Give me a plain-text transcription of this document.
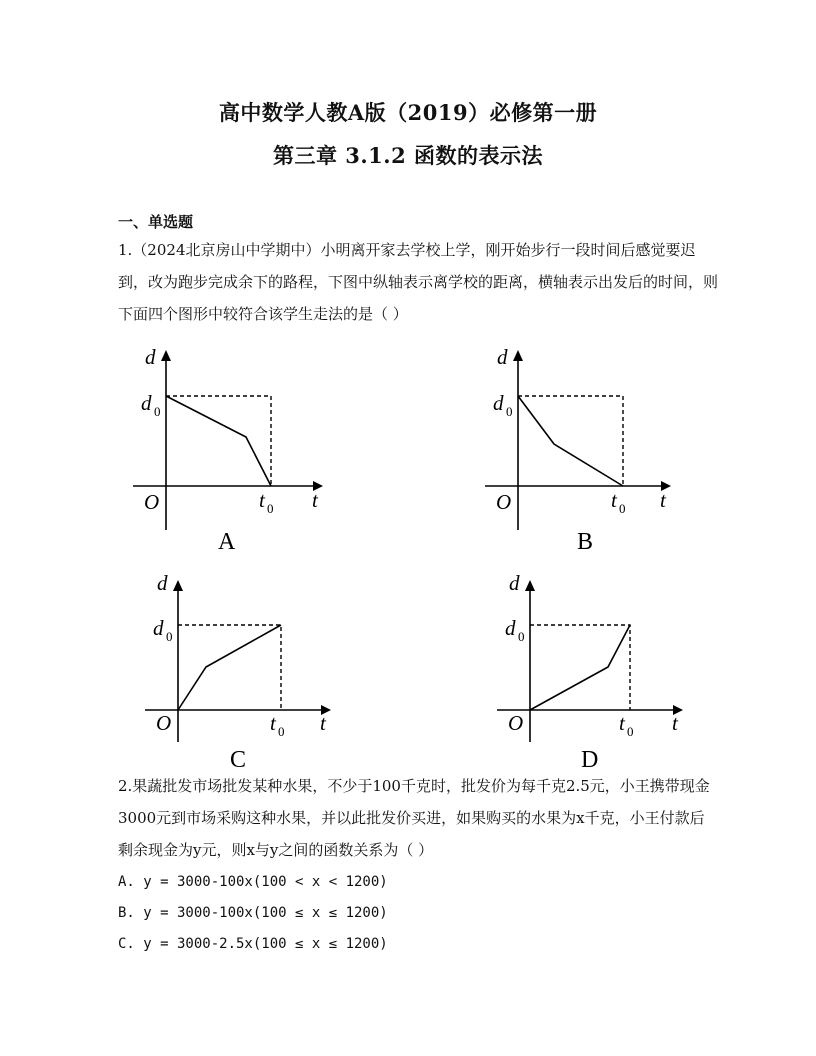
高中数学人教A版（2019）必修第一册
第三章 3.1.2 函数的表示法
一、单选题
1.（2024北京房山中学期中）小明离开家去学校上学，刚开始步行一段时间后感觉要迟到，改为跑步完成余下的路程，下图中纵轴表示离学校的距离，横轴表示出发后的时间，则下面四个图形中较符合该学生走法的是（ ）
d
d 0
O	t 0 t
A
d
d 0
O	t 0 t
B
d
d 0
O	t 0 t
C
d
d 0
O	t 0 t
D
2.果蔬批发市场批发某种水果，不少于100千克时，批发价为每千克2.5元，小王携带现金3000元到市场采购这种水果，并以此批发价买进，如果购买的水果为x千克，小王付款后剩余现金为y元，则x与y之间的函数关系为（ ）
A. y = 3000-100x(100 < x < 1200)
B. y = 3000-100x(100 ≤ x ≤ 1200)
C. y = 3000-2.5x(100 ≤ x ≤ 1200)
